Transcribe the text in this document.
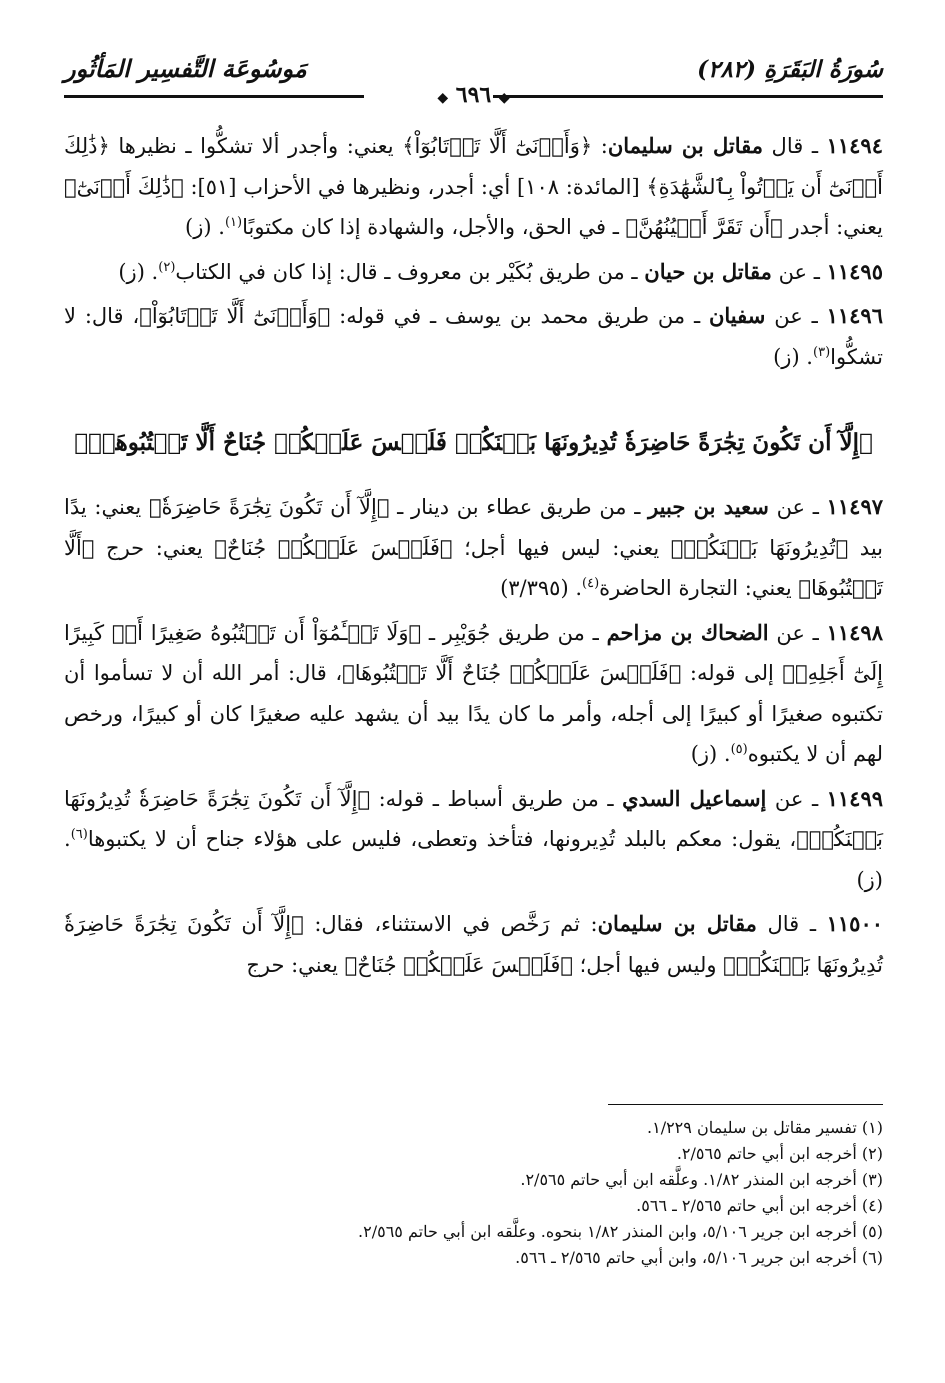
سُورَةُ البَقَرَةِ (٢٨٢)
مَوسُوعَة التَّفسِير المَأثُور
◆ ٦٩٦ ◆

١١٤٩٤ ـ قال مقاتل بن سليمان: ﴿وَأَدۡنَىٰٓ أَلَّا تَرۡتَابُوٓاْ﴾ يعني: وأجدر ألا تشكُّوا ـ نظيرها ﴿ذَٰلِكَ أَدۡنَىٰٓ أَن يَأۡتُواْ بِٱلشَّهَٰدَةِ﴾ [المائدة: ١٠٨] أي: أجدر، ونظيرها في الأحزاب [٥١]: ﴿ذَٰلِكَ أَدۡنَىٰٓ﴾ يعني: أجدر ﴿أَن تَقَرَّ أَعۡيُنُهُنَّ﴾ ـ في الحق، والأجل، والشهادة إذا كان مكتوبًا$^{(١)}$. (ز)

١١٤٩٥ ـ عن مقاتل بن حيان ـ من طريق بُكَيْر بن معروف ـ قال: إذا كان في الكتاب$^{(٢)}$. (ز)

١١٤٩٦ ـ عن سفيان ـ من طريق محمد بن يوسف ـ في قوله: ﴿وَأَدۡنَىٰٓ أَلَّا تَرۡتَابُوٓاْ﴾، قال: لا تشكُّوا$^{(٣)}$. (ز)

﴿إِلَّآ أَن تَكُونَ تِجَٰرَةً حَاضِرَةٗ تُدِيرُونَهَا بَيۡنَكُمۡ فَلَيۡسَ عَلَيۡكُمۡ جُنَاحٌ أَلَّا تَكۡتُبُوهَاۗ﴾

١١٤٩٧ ـ عن سعيد بن جبير ـ من طريق عطاء بن دينار ـ ﴿إِلَّآ أَن تَكُونَ تِجَٰرَةً حَاضِرَةٗ﴾ يعني: يدًا بيد ﴿تُدِيرُونَهَا بَيۡنَكُمۡ﴾ يعني: ليس فيها أجل؛ ﴿فَلَيۡسَ عَلَيۡكُمۡ جُنَاحٌ﴾ يعني: حرج ﴿أَلَّا تَكۡتُبُوهَا﴾ يعني: التجارة الحاضرة$^{(٤)}$. (٣/٣٩٥)

١١٤٩٨ ـ عن الضحاك بن مزاحم ـ من طريق جُوَيْبِر ـ ﴿وَلَا تَسۡـَٔمُوٓاْ أَن تَكۡتُبُوهُ صَغِيرًا أَوۡ كَبِيرًا إِلَىٰٓ أَجَلِهِۦ﴾ إلى قوله: ﴿فَلَيۡسَ عَلَيۡكُمۡ جُنَاحٌ أَلَّا تَكۡتُبُوهَا﴾، قال: أمر الله أن لا تسأموا أن تكتبوه صغيرًا أو كبيرًا إلى أجله، وأمر ما كان يدًا بيد أن يشهد عليه صغيرًا كان أو كبيرًا، ورخص لهم أن لا يكتبوه$^{(٥)}$. (ز)

١١٤٩٩ ـ عن إسماعيل السدي ـ من طريق أسباط ـ قوله: ﴿إِلَّآ أَن تَكُونَ تِجَٰرَةً حَاضِرَةٗ تُدِيرُونَهَا بَيۡنَكُمۡ﴾، يقول: معكم بالبلد تُدِيرونها، فتأخذ وتعطى، فليس على هؤلاء جناح أن لا يكتبوها$^{(٦)}$. (ز)

١١٥٠٠ ـ قال مقاتل بن سليمان: ثم رَخَّص في الاستثناء، فقال: ﴿إِلَّآ أَن تَكُونَ تِجَٰرَةً حَاضِرَةٗ تُدِيرُونَهَا بَيۡنَكُمۡ﴾ وليس فيها أجل؛ ﴿فَلَيۡسَ عَلَيۡكُمۡ جُنَاحٌ﴾ يعني: حرج

(١) تفسير مقاتل بن سليمان ١/٢٢٩.
(٢) أخرجه ابن أبي حاتم ٢/٥٦٥.
(٣) أخرجه ابن المنذر ١/٨٢. وعلَّقه ابن أبي حاتم ٢/٥٦٥.
(٤) أخرجه ابن أبي حاتم ٢/٥٦٥ ـ ٥٦٦.
(٥) أخرجه ابن جرير ٥/١٠٦، وابن المنذر ١/٨٢ بنحوه. وعلَّقه ابن أبي حاتم ٢/٥٦٥.
(٦) أخرجه ابن جرير ٥/١٠٦، وابن أبي حاتم ٢/٥٦٥ ـ ٥٦٦.
